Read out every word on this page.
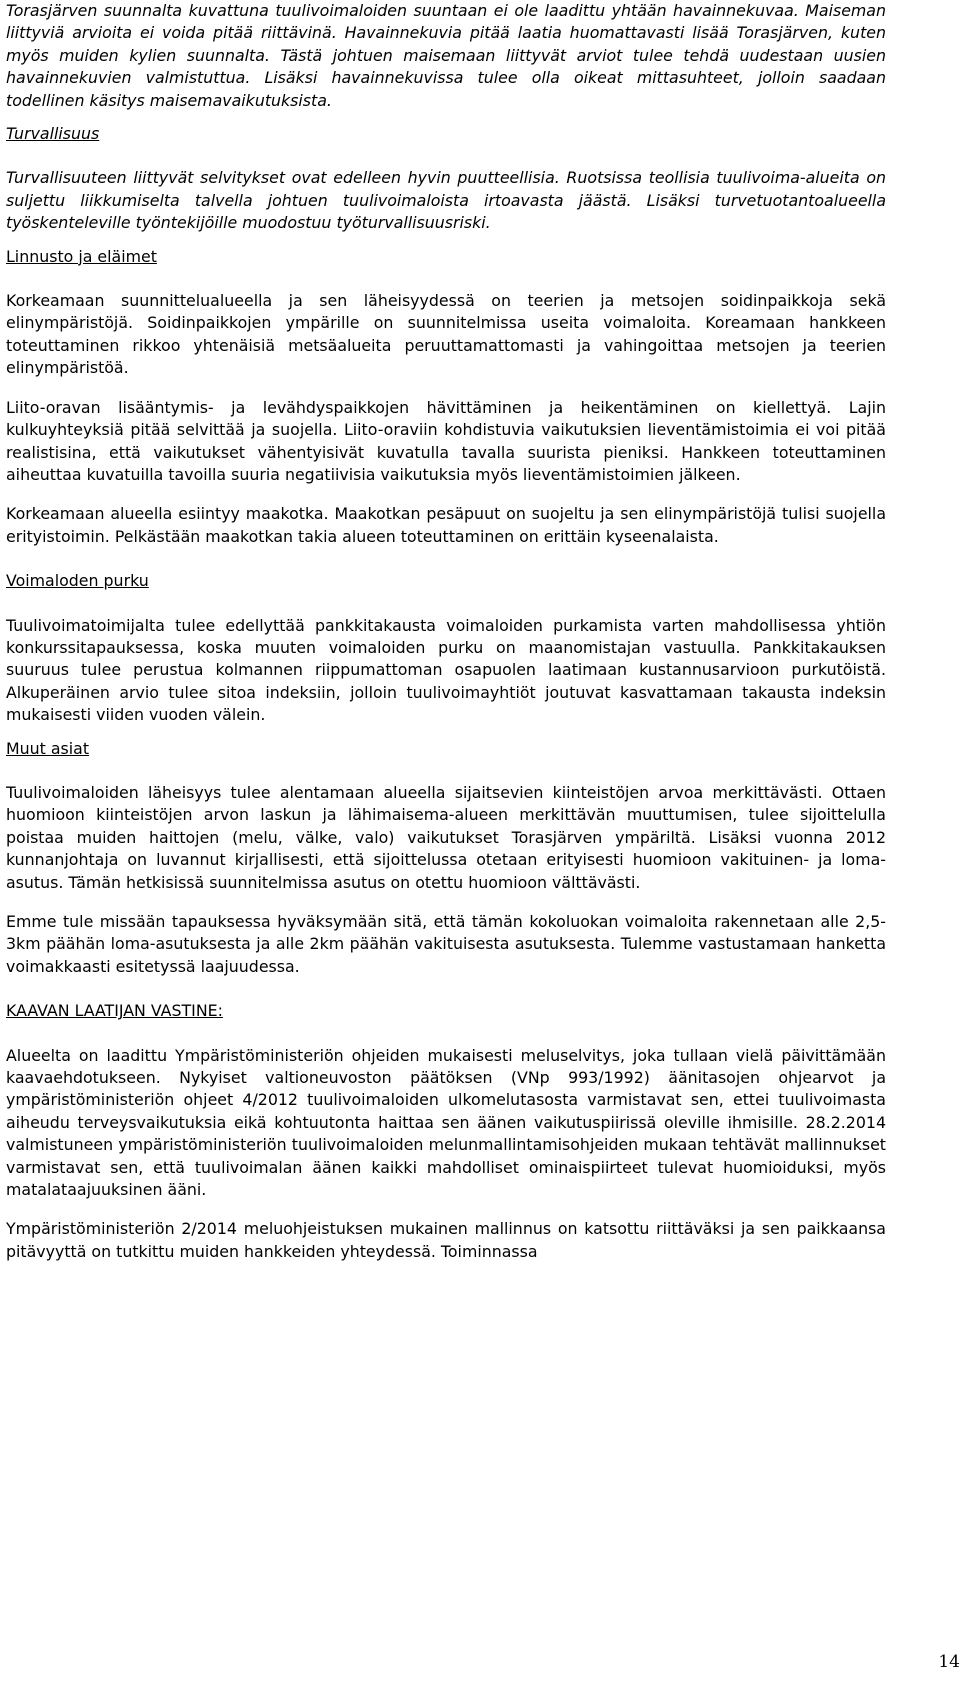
Torasjärven suunnalta kuvattuna tuulivoimaloiden suuntaan ei ole laadittu yhtään havainnekuvaa. Maiseman liittyviä arvioita ei voida pitää riittävinä. Havainnekuvia pitää laatia huomattavasti lisää Torasjärven, kuten myös muiden kylien suunnalta. Tästä johtuen maisemaan liittyvät arviot tulee tehdä uudestaan uusien havainnekuvien valmistuttua. Lisäksi havainnekuvissa tulee olla oikeat mittasuhteet, jolloin saadaan todellinen käsitys maisemavaikutuksista.

Turvallisuus

Turvallisuuteen liittyvät selvitykset ovat edelleen hyvin puutteellisia. Ruotsissa teollisia tuulivoima-alueita on suljettu liikkumiselta talvella johtuen tuulivoimaloista irtoavasta jäästä. Lisäksi turvetuotantoalueella työskenteleville työntekijöille muodostuu työturvallisuusriski.

Linnusto ja eläimet

Korkeamaan suunnittelualueella ja sen läheisyydessä on teerien ja metsojen soidinpaikkoja sekä elinympäristöjä. Soidinpaikkojen ympärille on suunnitelmissa useita voimaloita. Koreamaan hankkeen toteuttaminen rikkoo yhtenäisiä metsäalueita peruuttamattomasti ja vahingoittaa metsojen ja teerien elinympäristöä.

Liito-oravan lisääntymis- ja levähdyspaikkojen hävittäminen ja heikentäminen on kiellettyä. Lajin kulkuyhteyksiä pitää selvittää ja suojella. Liito-oraviin kohdistuvia vaikutuksien lieventämistoimia ei voi pitää realistisina, että vaikutukset vähentyisivät kuvatulla tavalla suurista pieniksi. Hankkeen toteuttaminen aiheuttaa kuvatuilla tavoilla suuria negatiivisia vaikutuksia myös lieventämistoimien jälkeen.

Korkeamaan alueella esiintyy maakotka. Maakotkan pesäpuut on suojeltu ja sen elinympäristöjä tulisi suojella erityistoimin. Pelkästään maakotkan takia alueen toteuttaminen on erittäin kyseenalaista.

Voimaloden purku

Tuulivoimatoimijalta tulee edellyttää pankkitakausta voimaloiden purkamista varten mahdollisessa yhtiön konkurssitapauksessa, koska muuten voimaloiden purku on maanomistajan vastuulla. Pankkitakauksen suuruus tulee perustua kolmannen riippumattoman osapuolen laatimaan kustannusarvioon purkutöistä. Alkuperäinen arvio tulee sitoa indeksiin, jolloin tuulivoimayhtiöt joutuvat kasvattamaan takausta indeksin mukaisesti viiden vuoden välein.

Muut asiat

Tuulivoimaloiden läheisyys tulee alentamaan alueella sijaitsevien kiinteistöjen arvoa merkittävästi. Ottaen huomioon kiinteistöjen arvon laskun ja lähimaisema-alueen merkittävän muuttumisen, tulee sijoittelulla poistaa muiden haittojen (melu, välke, valo) vaikutukset Torasjärven ympäriltä. Lisäksi vuonna 2012 kunnanjohtaja on luvannut kirjallisesti, että sijoittelussa otetaan erityisesti huomioon vakituinen- ja loma-asutus. Tämän hetkisissä suunnitelmissa asutus on otettu huomioon välttävästi.

Emme tule missään tapauksessa hyväksymään sitä, että tämän kokoluokan voimaloita rakennetaan alle 2,5-3km päähän loma-asutuksesta ja alle 2km päähän vakituisesta asutuksesta. Tulemme vastustamaan hanketta voimakkaasti esitetyssä laajuudessa.

KAAVAN LAATIJAN VASTINE:

Alueelta on laadittu Ympäristöministeriön ohjeiden mukaisesti meluselvitys, joka tullaan vielä päivittämään kaavaehdotukseen. Nykyiset valtioneuvoston päätöksen (VNp 993/1992) äänitasojen ohjearvot ja ympäristöministeriön ohjeet 4/2012 tuulivoimaloiden ulkomelutasosta varmistavat sen, ettei tuulivoimasta aiheudu terveysvaikutuksia eikä kohtuutonta haittaa sen äänen vaikutuspiirissä oleville ihmisille. 28.2.2014 valmistuneen ympäristöministeriön tuulivoimaloiden melunmallintamisohjeiden mukaan tehtävät mallinnukset varmistavat sen, että tuulivoimalan äänen kaikki mahdolliset ominaispiirteet tulevat huomioiduksi, myös matalataajuuksinen ääni.

Ympäristöministeriön 2/2014 meluohjeistuksen mukainen mallinnus on katsottu riittäväksi ja sen paikkaansa pitävyyttä on tutkittu muiden hankkeiden yhteydessä. Toiminnassa

14
